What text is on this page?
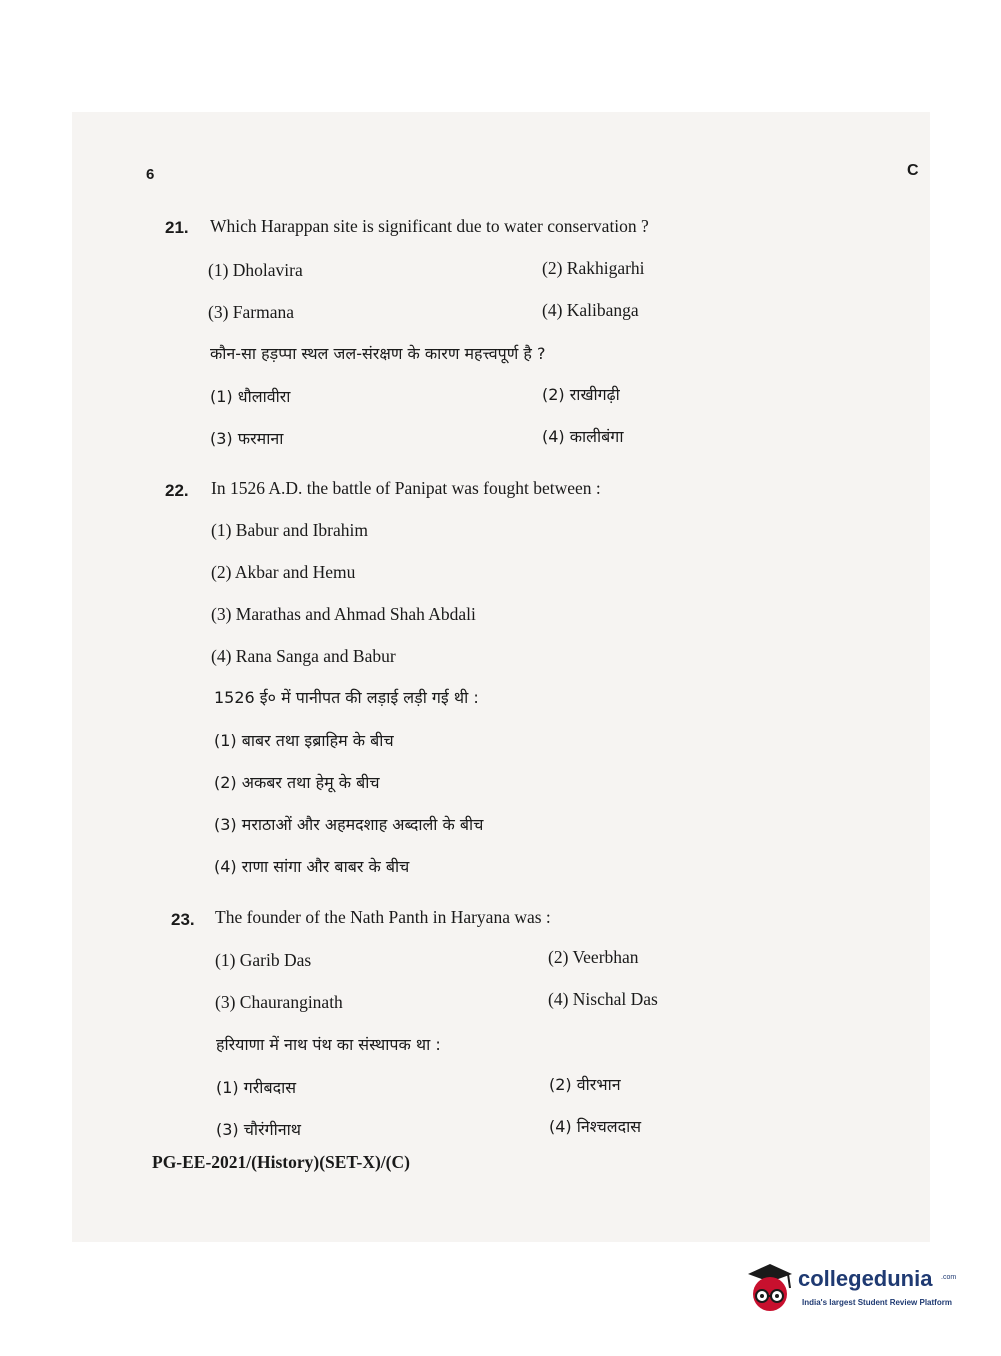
6	C
21. Which Harappan site is significant due to water conservation ?
(1) Dholavira	(2) Rakhigarhi
(3) Farmana	(4) Kalibanga
कौन-सा हड़प्पा स्थल जल-संरक्षण के कारण महत्त्वपूर्ण है ?
(1) धौलावीरा	(2) राखीगढ़ी
(3) फरमाना	(4) कालीबंगा
22. In 1526 A.D. the battle of Panipat was fought between :
(1) Babur and Ibrahim
(2) Akbar and Hemu
(3) Marathas and Ahmad Shah Abdali
(4) Rana Sanga and Babur
1526 ई० में पानीपत की लड़ाई लड़ी गई थी :
(1) बाबर तथा इब्राहिम के बीच
(2) अकबर तथा हेमू के बीच
(3) मराठाओं और अहमदशाह अब्दाली के बीच
(4) राणा सांगा और बाबर के बीच
23. The founder of the Nath Panth in Haryana was :
(1) Garib Das	(2) Veerbhan
(3) Chauranginath	(4) Nischal Das
हरियाणा में नाथ पंथ का संस्थापक था :
(1) गरीबदास	(2) वीरभान
(3) चौरंगीनाथ	(4) निश्चलदास
PG-EE-2021/(History)(SET-X)/(C)
collegedunia .com
India's largest Student Review Platform
